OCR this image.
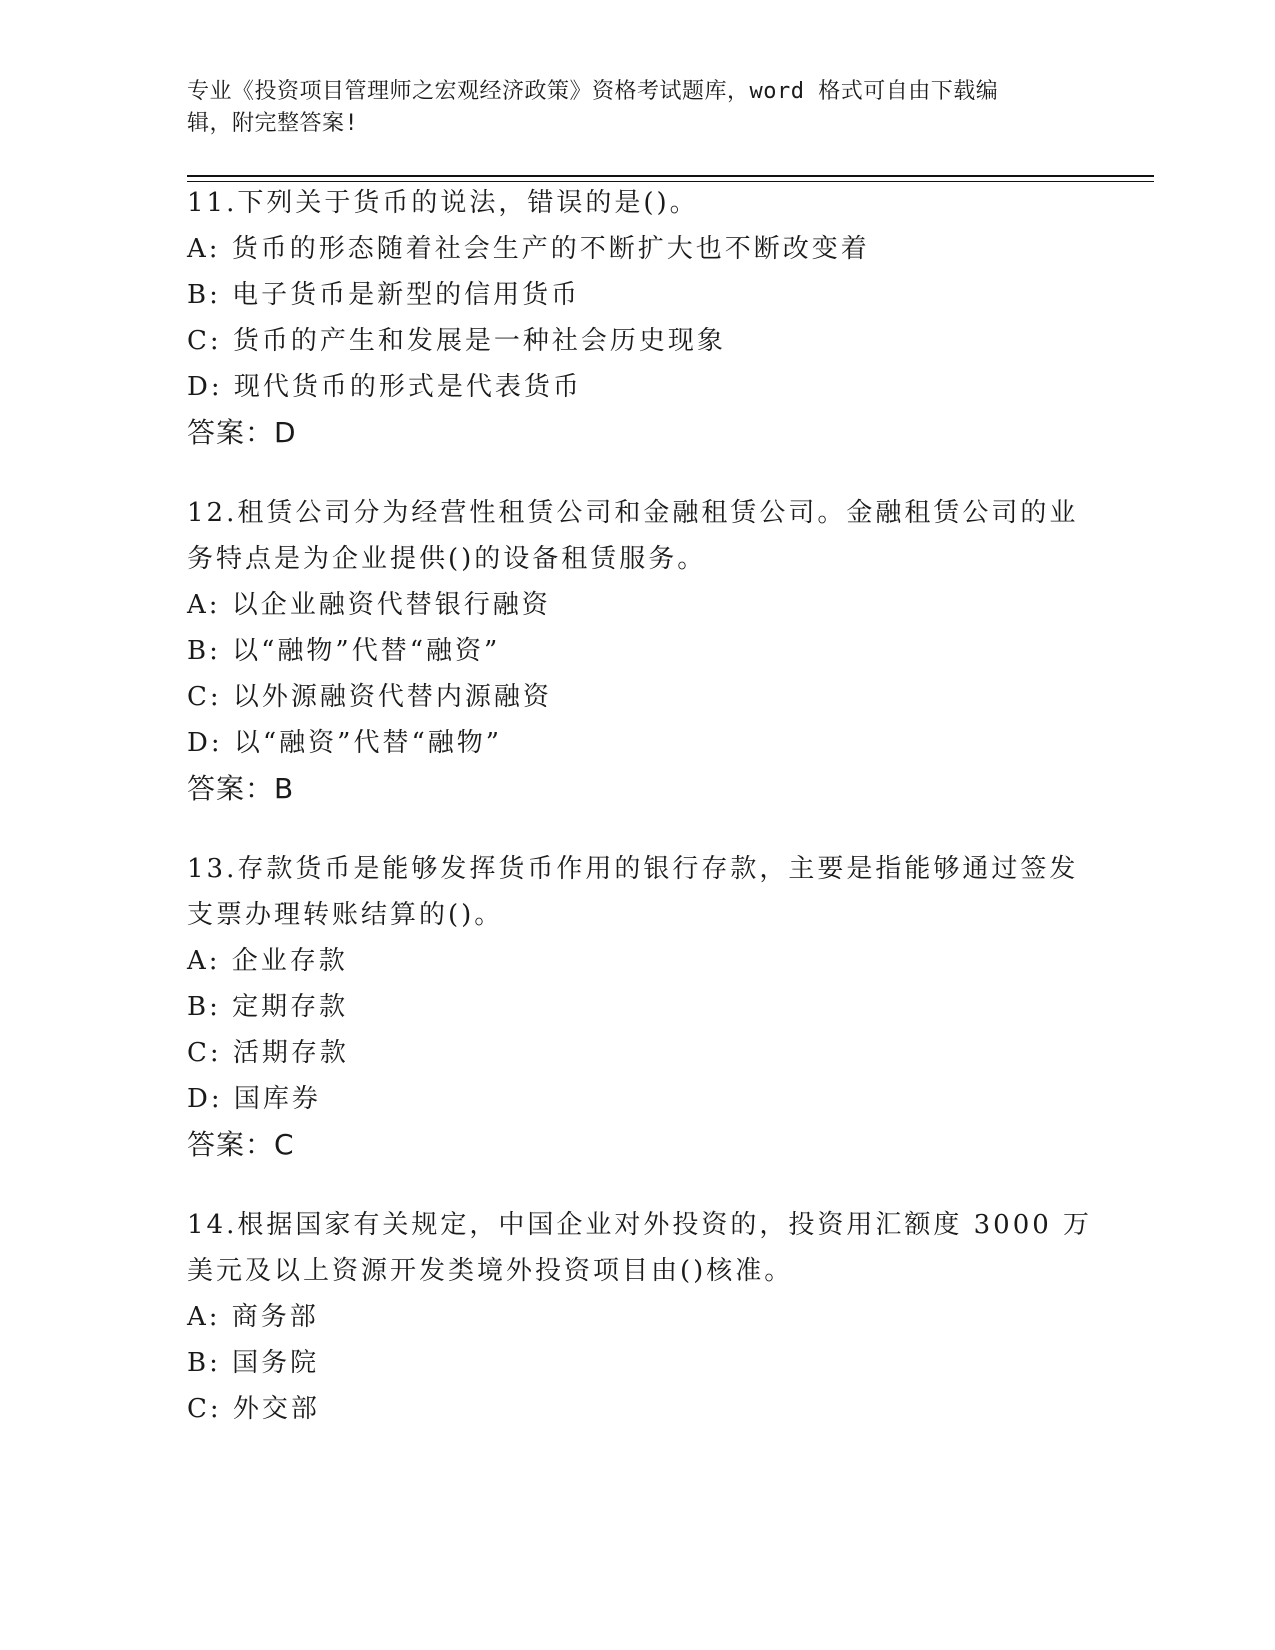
专业《投资项目管理师之宏观经济政策》资格考试题库，word 格式可自由下载编
辑，附完整答案!
11.下列关于货币的说法，错误的是()。
A: 货币的形态随着社会生产的不断扩大也不断改变着
B: 电子货币是新型的信用货币
C: 货币的产生和发展是一种社会历史现象
D: 现代货币的形式是代表货币
答案：D
12.租赁公司分为经营性租赁公司和金融租赁公司。金融租赁公司的业
务特点是为企业提供()的设备租赁服务。
A: 以企业融资代替银行融资
B: 以“融物”代替“融资”
C: 以外源融资代替内源融资
D: 以“融资”代替“融物”
答案：B
13.存款货币是能够发挥货币作用的银行存款，主要是指能够通过签发
支票办理转账结算的()。
A: 企业存款
B: 定期存款
C: 活期存款
D: 国库券
答案：C
14.根据国家有关规定，中国企业对外投资的，投资用汇额度 3000 万
美元及以上资源开发类境外投资项目由()核准。
A: 商务部
B: 国务院
C: 外交部
